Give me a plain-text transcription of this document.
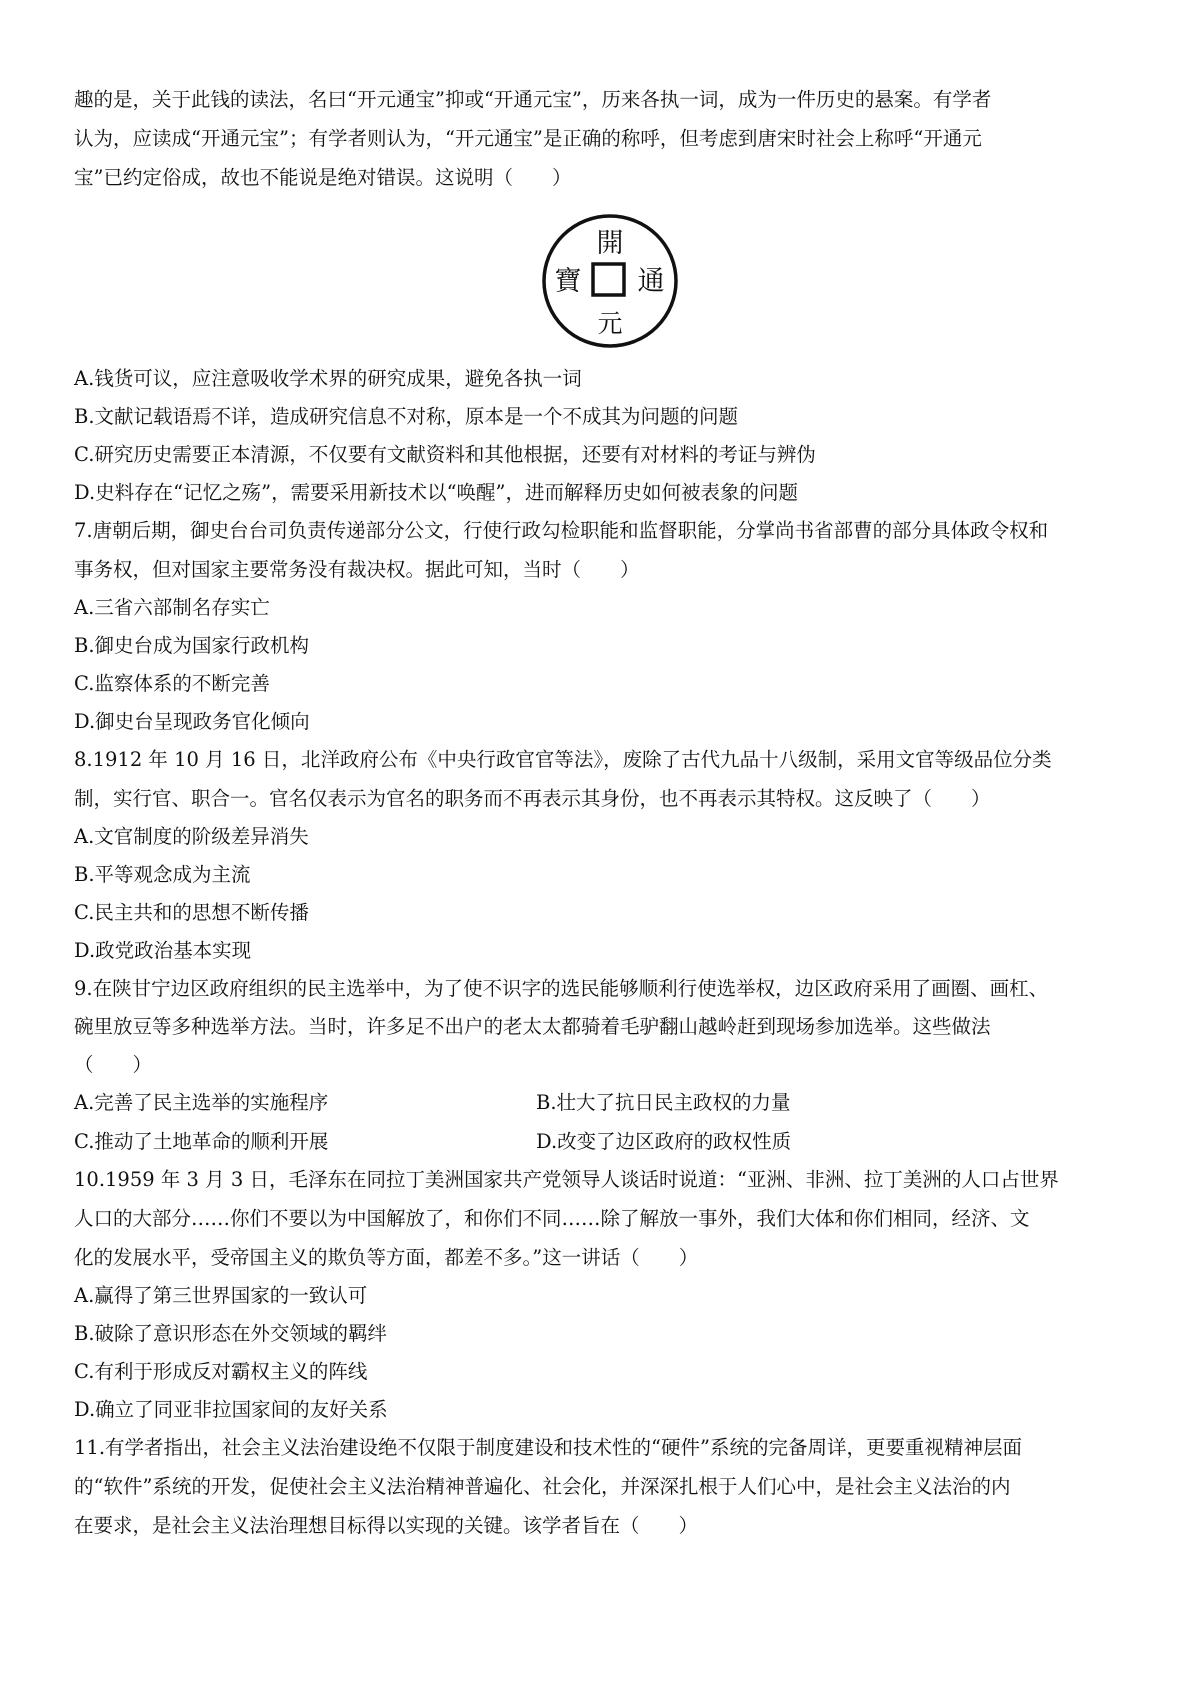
趣的是，关于此钱的读法，名曰“开元通宝”抑或“开通元宝”，历来各执一词，成为一件历史的悬案。有学者
认为，应读成“开通元宝”；有学者则认为，“开元通宝”是正确的称呼，但考虑到唐宋时社会上称呼“开通元
宝”已约定俗成，故也不能说是绝对错误。这说明（　　）
開
寶 通
元
A.钱货可议，应注意吸收学术界的研究成果，避免各执一词
B.文献记载语焉不详，造成研究信息不对称，原本是一个不成其为问题的问题
C.研究历史需要正本清源，不仅要有文献资料和其他根据，还要有对材料的考证与辨伪
D.史料存在“记忆之殇”，需要采用新技术以“唤醒”，进而解释历史如何被表象的问题
7.唐朝后期，御史台台司负责传递部分公文，行使行政勾检职能和监督职能，分掌尚书省部曹的部分具体政令权和
事务权，但对国家主要常务没有裁决权。据此可知，当时（　　）
A.三省六部制名存实亡
B.御史台成为国家行政机构
C.监察体系的不断完善
D.御史台呈现政务官化倾向
8.1912 年 10 月 16 日，北洋政府公布《中央行政官官等法》，废除了古代九品十八级制，采用文官等级品位分类
制，实行官、职合一。官名仅表示为官名的职务而不再表示其身份，也不再表示其特权。这反映了（　　）
A.文官制度的阶级差异消失
B.平等观念成为主流
C.民主共和的思想不断传播
D.政党政治基本实现
9.在陕甘宁边区政府组织的民主选举中，为了使不识字的选民能够顺利行使选举权，边区政府采用了画圈、画杠、
碗里放豆等多种选举方法。当时，许多足不出户的老太太都骑着毛驴翻山越岭赶到现场参加选举。这些做法
（　　）
A.完善了民主选举的实施程序	B.壮大了抗日民主政权的力量
C.推动了土地革命的顺利开展	D.改变了边区政府的政权性质
10.1959 年 3 月 3 日，毛泽东在同拉丁美洲国家共产党领导人谈话时说道：“亚洲、非洲、拉丁美洲的人口占世界
人口的大部分……你们不要以为中国解放了，和你们不同……除了解放一事外，我们大体和你们相同，经济、文
化的发展水平，受帝国主义的欺负等方面，都差不多。”这一讲话（　　）
A.赢得了第三世界国家的一致认可
B.破除了意识形态在外交领域的羁绊
C.有利于形成反对霸权主义的阵线
D.确立了同亚非拉国家间的友好关系
11.有学者指出，社会主义法治建设绝不仅限于制度建设和技术性的“硬件”系统的完备周详，更要重视精神层面
的“软件”系统的开发，促使社会主义法治精神普遍化、社会化，并深深扎根于人们心中，是社会主义法治的内
在要求，是社会主义法治理想目标得以实现的关键。该学者旨在（　　）
